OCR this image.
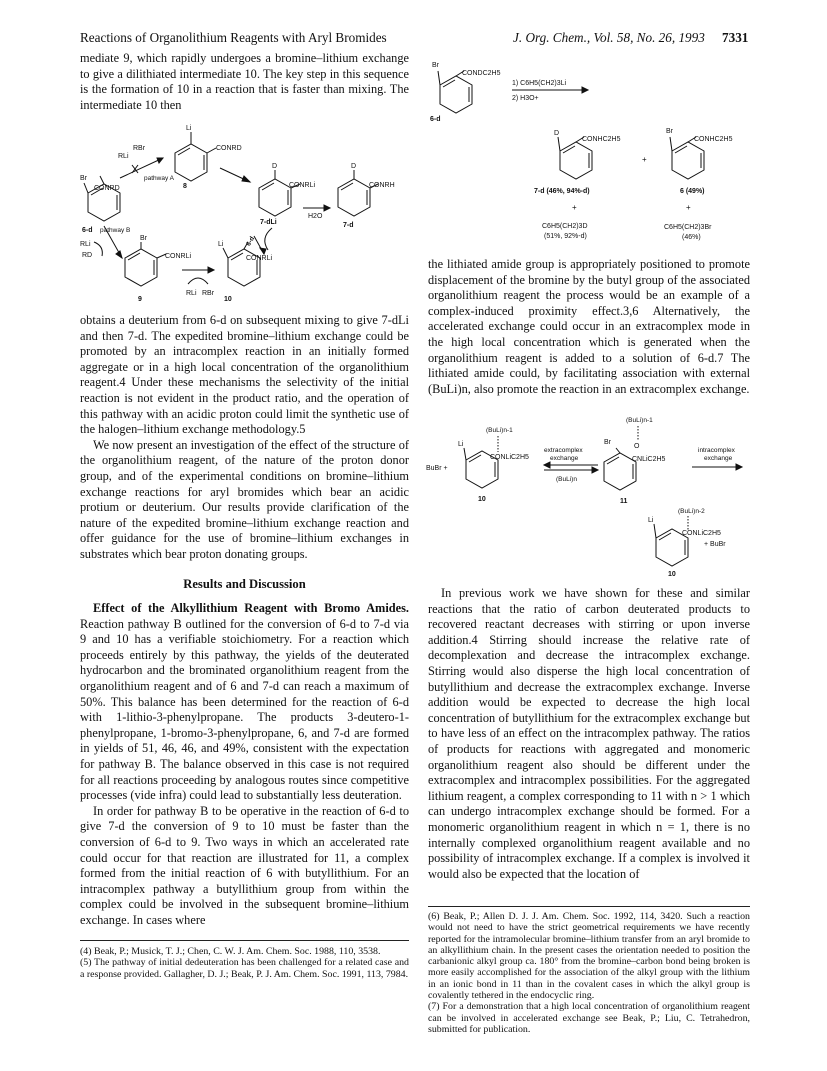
Reactions of Organolithium Reagents with Aryl Bromides	J. Org. Chem., Vol. 58, No. 26, 1993 7331

mediate 9, which rapidly undergoes a bromine–lithium exchange to give a dilithiated intermediate 10. The key step in this sequence is the formation of 10 in a reaction that is faster than mixing. The intermediate 10 then

Li
CONRD
RBr
RLi
pathway A
8
Br
CONRD
6-d pathway B
RLi
RD
D
CONRLi
H2O
D
CONRH
7-d
7-dLi
6-d
Br
CONRLi
9
RLi RBr
Li
CONRLi
10

obtains a deuterium from 6-d on subsequent mixing to give 7-dLi and then 7-d. The expedited bromine–lithium exchange could be promoted by an intracomplex reaction in an initially formed aggregate or in a high local concentration of the organolithium reagent.4 Under these mechanisms the selectivity of the initial reaction is not evident in the product ratio, and the operation of this pathway with an acidic proton could limit the synthetic use of the halogen–lithium exchange methodology.5

We now present an investigation of the effect of the structure of the organolithium reagent, of the nature of the proton donor group, and of the experimental conditions on bromine–lithium exchange reactions for aryl bromides which bear an acidic protium or deuterium. Our results provide clarification of the nature of the expedited bromine–lithium exchange reaction and offer guidance for the use of bromine–lithium exchanges in substrates which bear proton donating groups.

Results and Discussion

Effect of the Alkyllithium Reagent with Bromo Amides. Reaction pathway B outlined for the conversion of 6-d to 7-d via 9 and 10 has a verifiable stoichiometry. For a reaction which proceeds entirely by this pathway, the yields of the deuterated hydrocarbon and the brominated organolithium reagent from the organolithium reagent and of 6 and 7-d can reach a maximum of 50%. This balance has been determined for the reaction of 6-d with 1-lithio-3-phenylpropane. The products 3-deutero-1-phenylpropane, 1-bromo-3-phenylpropane, 6, and 7-d are formed in yields of 51, 46, 46, and 49%, consistent with the expectation for pathway B. The balance observed in this case is not required for all reactions proceeding by analogous routes since competitive processes (vide infra) could lead to substantially less deuteration.

In order for pathway B to be operative in the reaction of 6-d to give 7-d the conversion of 9 to 10 must be faster than the conversion of 6-d to 9. Two ways in which an accelerated rate could occur for that reaction are illustrated for 11, a complex formed from the initial reaction of 6 with butyllithium. For an intracomplex pathway a butyllithium group from within the complex could be involved in the subsequent bromine–lithium exchange. In cases where

(4) Beak, P.; Musick, T. J.; Chen, C. W. J. Am. Chem. Soc. 1988, 110, 3538.

(5) The pathway of initial dedeuteration has been challenged for a related case and a response provided. Gallagher, D. J.; Beak, P. J. Am. Chem. Soc. 1991, 113, 7984.

Br
CONDC2H5
6-d
1) C6H5(CH2)3Li
2) H3O+
D
CONHC2H5
+
Br
CONHC2H5
7-d (46%, 94%-d)	6 (49%)
+	+
C6H5(CH2)3D
(51%, 92%-d)
C6H5(CH2)3Br
(46%)

the lithiated amide group is appropriately positioned to promote displacement of the bromine by the butyl group of the associated organolithium reagent the process would be an example of a complex-induced proximity effect.3,6 Alternatively, the accelerated exchange could occur in an extracomplex mode in the high local concentration which is generated when the organolithium reagent is added to a solution of 6-d.7 The lithiated amide could, by facilitating association with external (BuLi)n, also promote the reaction in an extracomplex exchange.

(BuLi)n-1
Li
CONLiC2H5
BuBr +
10
extracomplex
exchange
(BuLi)n
(BuLi)n-1
Br
O
CNLiC2H5
11
intracomplex
exchange
(BuLi)n-2
Li
CONLiC2H5
+ BuBr
10

In previous work we have shown for these and similar reactions that the ratio of carbon deuterated products to recovered reactant decreases with stirring or upon inverse addition.4 Stirring should increase the relative rate of decomplexation and decrease the intracomplex exchange. Stirring would also disperse the high local concentration of butyllithium and decrease the extracomplex exchange. Inverse addition would be expected to decrease the high local concentration of butyllithium for the extracomplex exchange but to have less of an effect on the intracomplex pathway. The ratios of products for reactions with aggregated and monomeric organolithium reagent also should be different under the extracomplex and intracomplex possibilities. For the aggregated lithium reagent, a complex corresponding to 11 with n > 1 which can undergo intracomplex exchange should be formed. For a monomeric organolithium reagent in which n = 1, there is no internally complexed organolithium reagent available and no possibility of intracomplex exchange. If a complex is involved it would also be expected that the location of

(6) Beak, P.; Allen D. J. J. Am. Chem. Soc. 1992, 114, 3420. Such a reaction would not need to have the strict geometrical requirements we have recently reported for the intramolecular bromine–lithium transfer from an aryl bromide to an alkyllithium chain. In the present cases the orientation needed to position the carbanionic alkyl group ca. 180° from the bromine–carbon bond being broken is more easily accomplished for the association of the alkyl group with the lithium in an ionic bond in 11 than in the covalent cases in which the alkyl group is covalently tethered in the endocyclic ring.

(7) For a demonstration that a high local concentration of organolithium reagent can be involved in accelerated exchange see Beak, P.; Liu, C. Tetrahedron, submitted for publication.
